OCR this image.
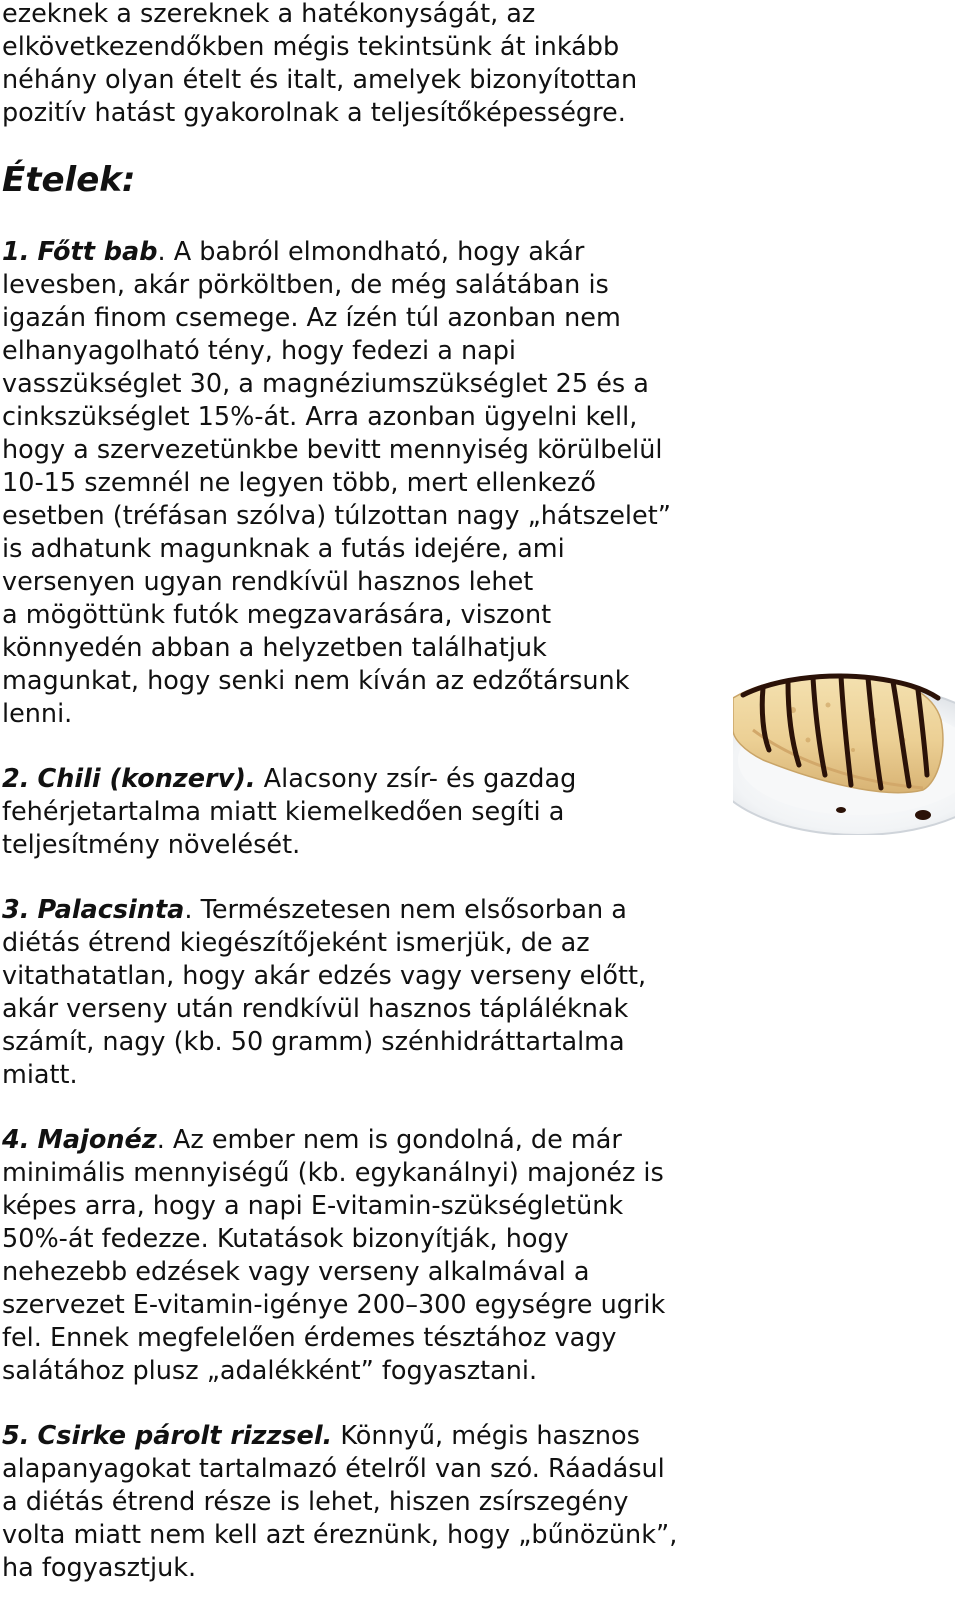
ezeknek a szereknek a hatékonyságát, az
elkövetkezendőkben mégis tekintsünk át inkább
néhány olyan ételt és italt, amelyek bizonyítottan
pozitív hatást gyakorolnak a teljesítőképességre.
Ételek:
1. Főtt bab. A babról elmondható, hogy akár
levesben, akár pörköltben, de még salátában is
igazán finom csemege. Az ízén túl azonban nem
elhanyagolható tény, hogy fedezi a napi
vasszükséglet 30, a magnéziumszükséglet 25 és a
cinkszükséglet 15%-át. Arra azonban ügyelni kell,
hogy a szervezetünkbe bevitt mennyiség körülbelül
10-15 szemnél ne legyen több, mert ellenkező
esetben (tréfásan szólva) túlzottan nagy „hátszelet”
is adhatunk magunknak a futás idejére, ami
versenyen ugyan rendkívül hasznos lehet
a mögöttünk futók megzavarására, viszont
könnyedén abban a helyzetben találhatjuk
magunkat, hogy senki nem kíván az edzőtársunk
lenni.
2. Chili (konzerv). Alacsony zsír- és gazdag
fehérjetartalma miatt kiemelkedően segíti a
teljesítmény növelését.
3. Palacsinta. Természetesen nem elsősorban a
diétás étrend kiegészítőjeként ismerjük, de az
vitathatatlan, hogy akár edzés vagy verseny előtt,
akár verseny után rendkívül hasznos tápláléknak
számít, nagy (kb. 50 gramm) szénhidráttartalma
miatt.
4. Majonéz. Az ember nem is gondolná, de már
minimális mennyiségű (kb. egykanálnyi) majonéz is
képes arra, hogy a napi E-vitamin-szükségletünk
50%-át fedezze. Kutatások bizonyítják, hogy
nehezebb edzések vagy verseny alkalmával a
szervezet E-vitamin-igénye 200–300 egységre ugrik
fel. Ennek megfelelően érdemes tésztához vagy
salátához plusz „adalékként” fogyasztani.
5. Csirke párolt rizzsel. Könnyű, mégis hasznos
alapanyagokat tartalmazó ételről van szó. Ráadásul
a diétás étrend része is lehet, hiszen zsírszegény
volta miatt nem kell azt éreznünk, hogy „bűnözünk”,
ha fogyasztjuk.
